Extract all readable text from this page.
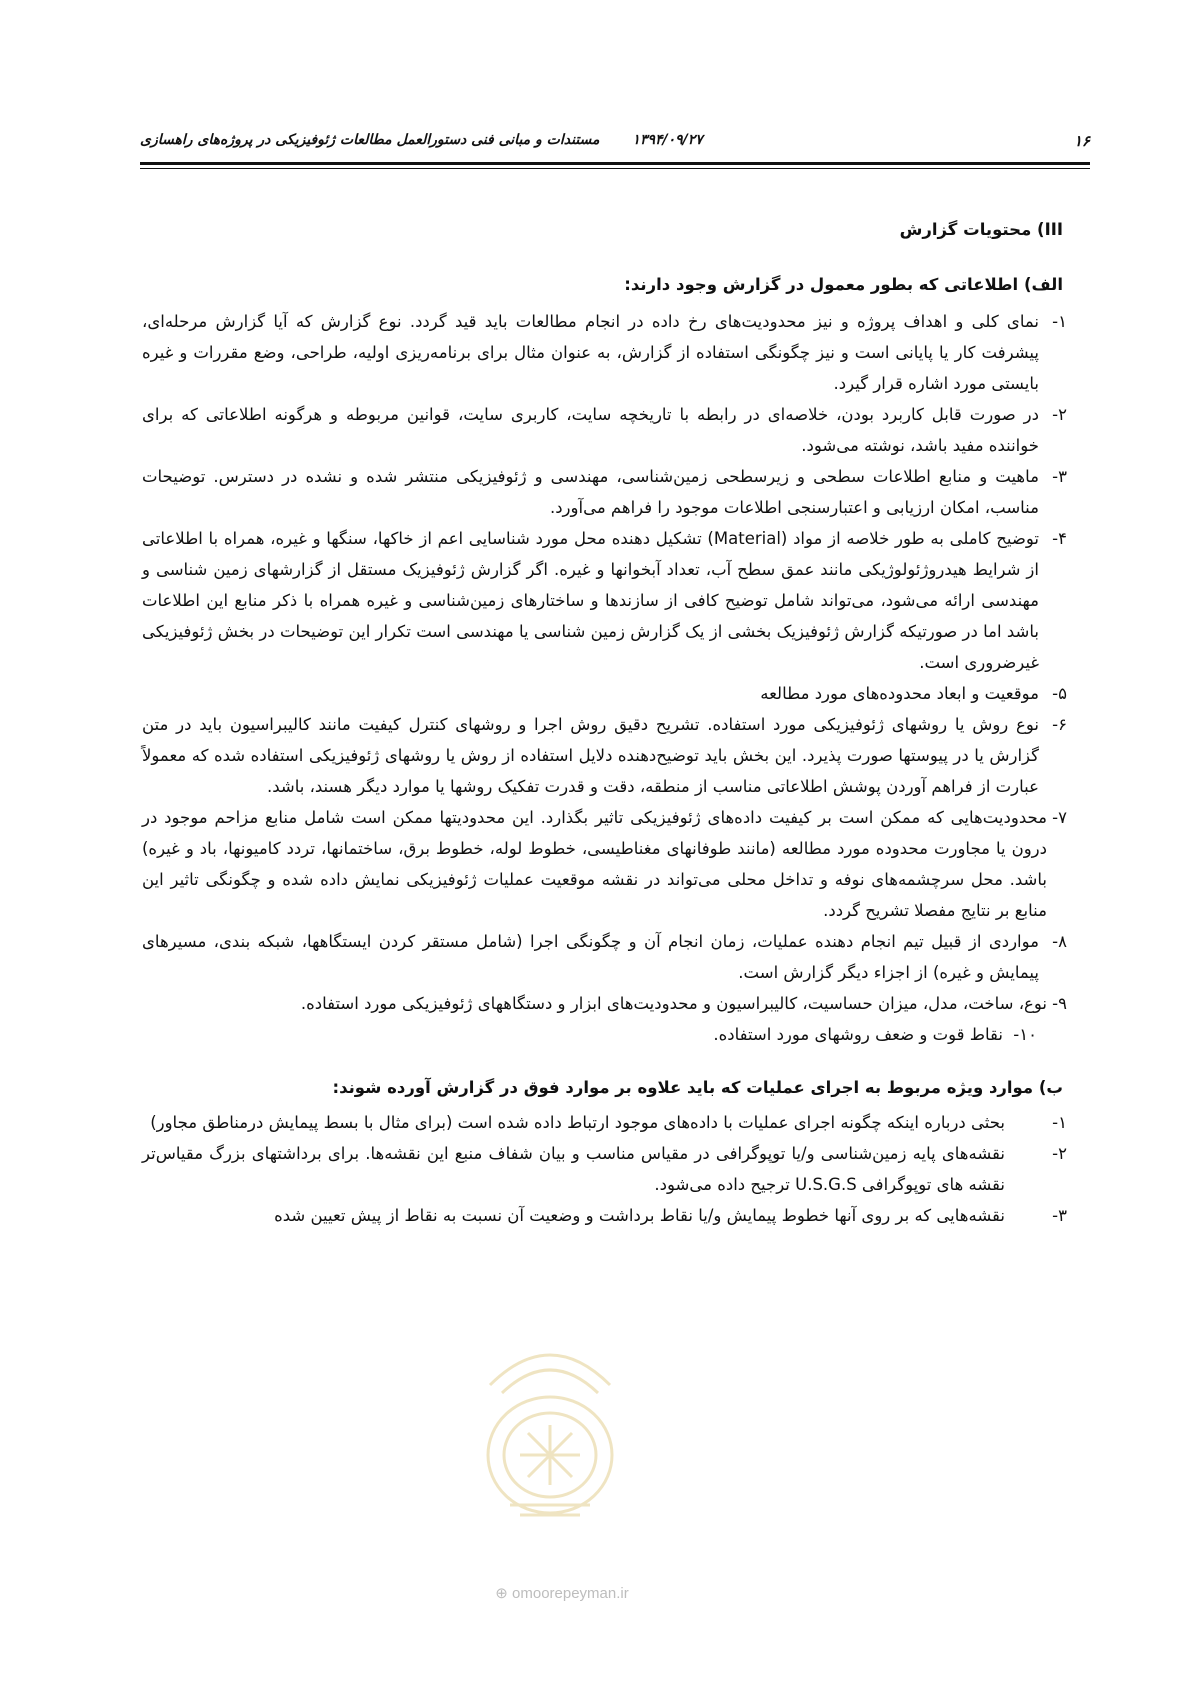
۱۶
۱۳۹۴/۰۹/۲۷ مستندات و مبانی فنی دستورالعمل مطالعات ژئوفیزیکی در پروژه‌های راهسازی
III) محتویات گزارش
الف) اطلاعاتی که بطور معمول در گزارش وجود دارند:
۱-
نمای کلی و اهداف پروژه و نیز محدودیت‌های رخ داده در انجام مطالعات باید قید گردد. نوع گزارش که آیا گزارش مرحله‌ای، پیشرفت کار یا پایانی است و نیز چگونگی استفاده از گزارش، به عنوان مثال برای برنامه‌ریزی اولیه، طراحی، وضع مقررات و غیره بایستی مورد اشاره قرار گیرد.
۲-
در صورت قابل کاربرد بودن، خلاصه‌ای در رابطه با تاریخچه سایت، کاربری سایت، قوانین مربوطه و هرگونه اطلاعاتی که برای خواننده مفید باشد، نوشته می‌شود.
۳-
ماهیت و منابع اطلاعات سطحی و زیرسطحی زمین‌شناسی، مهندسی و ژئوفیزیکی منتشر شده و نشده در دسترس. توضیحات مناسب، امکان ارزیابی و اعتبارسنجی اطلاعات موجود را فراهم می‌آورد.
۴-
توضیح کاملی به طور خلاصه از مواد (Material) تشکیل دهنده محل مورد شناسایی اعم از خاکها، سنگها و غیره، همراه با اطلاعاتی از شرایط هیدروژئولوژیکی مانند عمق سطح آب، تعداد آبخوانها و غیره. اگر گزارش ژئوفیزیک مستقل از گزارشهای زمین شناسی و مهندسی ارائه می‌شود، می‌تواند شامل توضیح کافی از سازندها و ساختارهای زمین‌شناسی و غیره همراه با ذکر منابع این اطلاعات باشد اما در صورتیکه گزارش ژئوفیزیک بخشی از یک گزارش زمین شناسی یا مهندسی است تکرار این توضیحات در بخش ژئوفیزیکی غیرضروری است.
۵-
موقعیت و ابعاد محدوده‌های مورد مطالعه
۶-
نوع روش یا روشهای ژئوفیزیکی مورد استفاده. تشریح دقیق روش اجرا و روشهای کنترل کیفیت مانند کالیبراسیون باید در متن گزارش یا در پیوستها صورت پذیرد. این بخش باید توضیح‌دهنده دلایل استفاده از روش یا روشهای ژئوفیزیکی استفاده شده که معمولاً عبارت از فراهم آوردن پوشش اطلاعاتی مناسب از منطقه، دقت و قدرت تفکیک روشها یا موارد دیگر هسند، باشد.
۷-
محدودیت‌هایی که ممکن است بر کیفیت داده‌های ژئوفیزیکی تاثیر بگذارد. این محدودیتها ممکن است شامل منابع مزاحم موجود در درون یا مجاورت محدوده مورد مطالعه (مانند طوفانهای مغناطیسی، خطوط لوله، خطوط برق، ساختمانها، تردد کامیونها، باد و غیره) باشد. محل سرچشمه‌های نوفه و تداخل محلی می‌تواند در نقشه موقعیت عملیات ژئوفیزیکی نمایش داده شده و چگونگی تاثیر این منابع بر نتایج مفصلا تشریح گردد.
۸-
مواردی از قبیل تیم انجام دهنده عملیات، زمان انجام آن و چگونگی اجرا (شامل مستقر کردن ایستگاهها، شبکه بندی، مسیرهای پیمایش و غیره) از اجزاء دیگر گزارش است.
۹-
نوع، ساخت، مدل، میزان حساسیت، کالیبراسیون و محدودیت‌های ابزار و دستگاههای ژئوفیزیکی مورد استفاده.
۱۰-
نقاط قوت و ضعف روشهای مورد استفاده.
ب) موارد ویژه مربوط به اجرای عملیات که باید علاوه بر موارد فوق در گزارش آورده شوند:
۱-
بحثی درباره اینکه چگونه اجرای عملیات با داده‌های موجود ارتباط داده شده است (برای مثال با بسط پیمایش درمناطق مجاور)
۲-
نقشه‌های پایه زمین‌شناسی و/یا توپوگرافی در مقیاس مناسب و بیان شفاف منبع این نقشه‌ها. برای برداشتهای بزرگ مقیاس‌تر نقشه های توپوگرافی U.S.G.S ترجیح داده می‌شود.
۳-
نقشه‌هایی که بر روی آنها خطوط پیمایش و/یا نقاط برداشت و وضعیت آن نسبت به نقاط از پیش تعیین شده
⊕ omoorepeyman.ir
